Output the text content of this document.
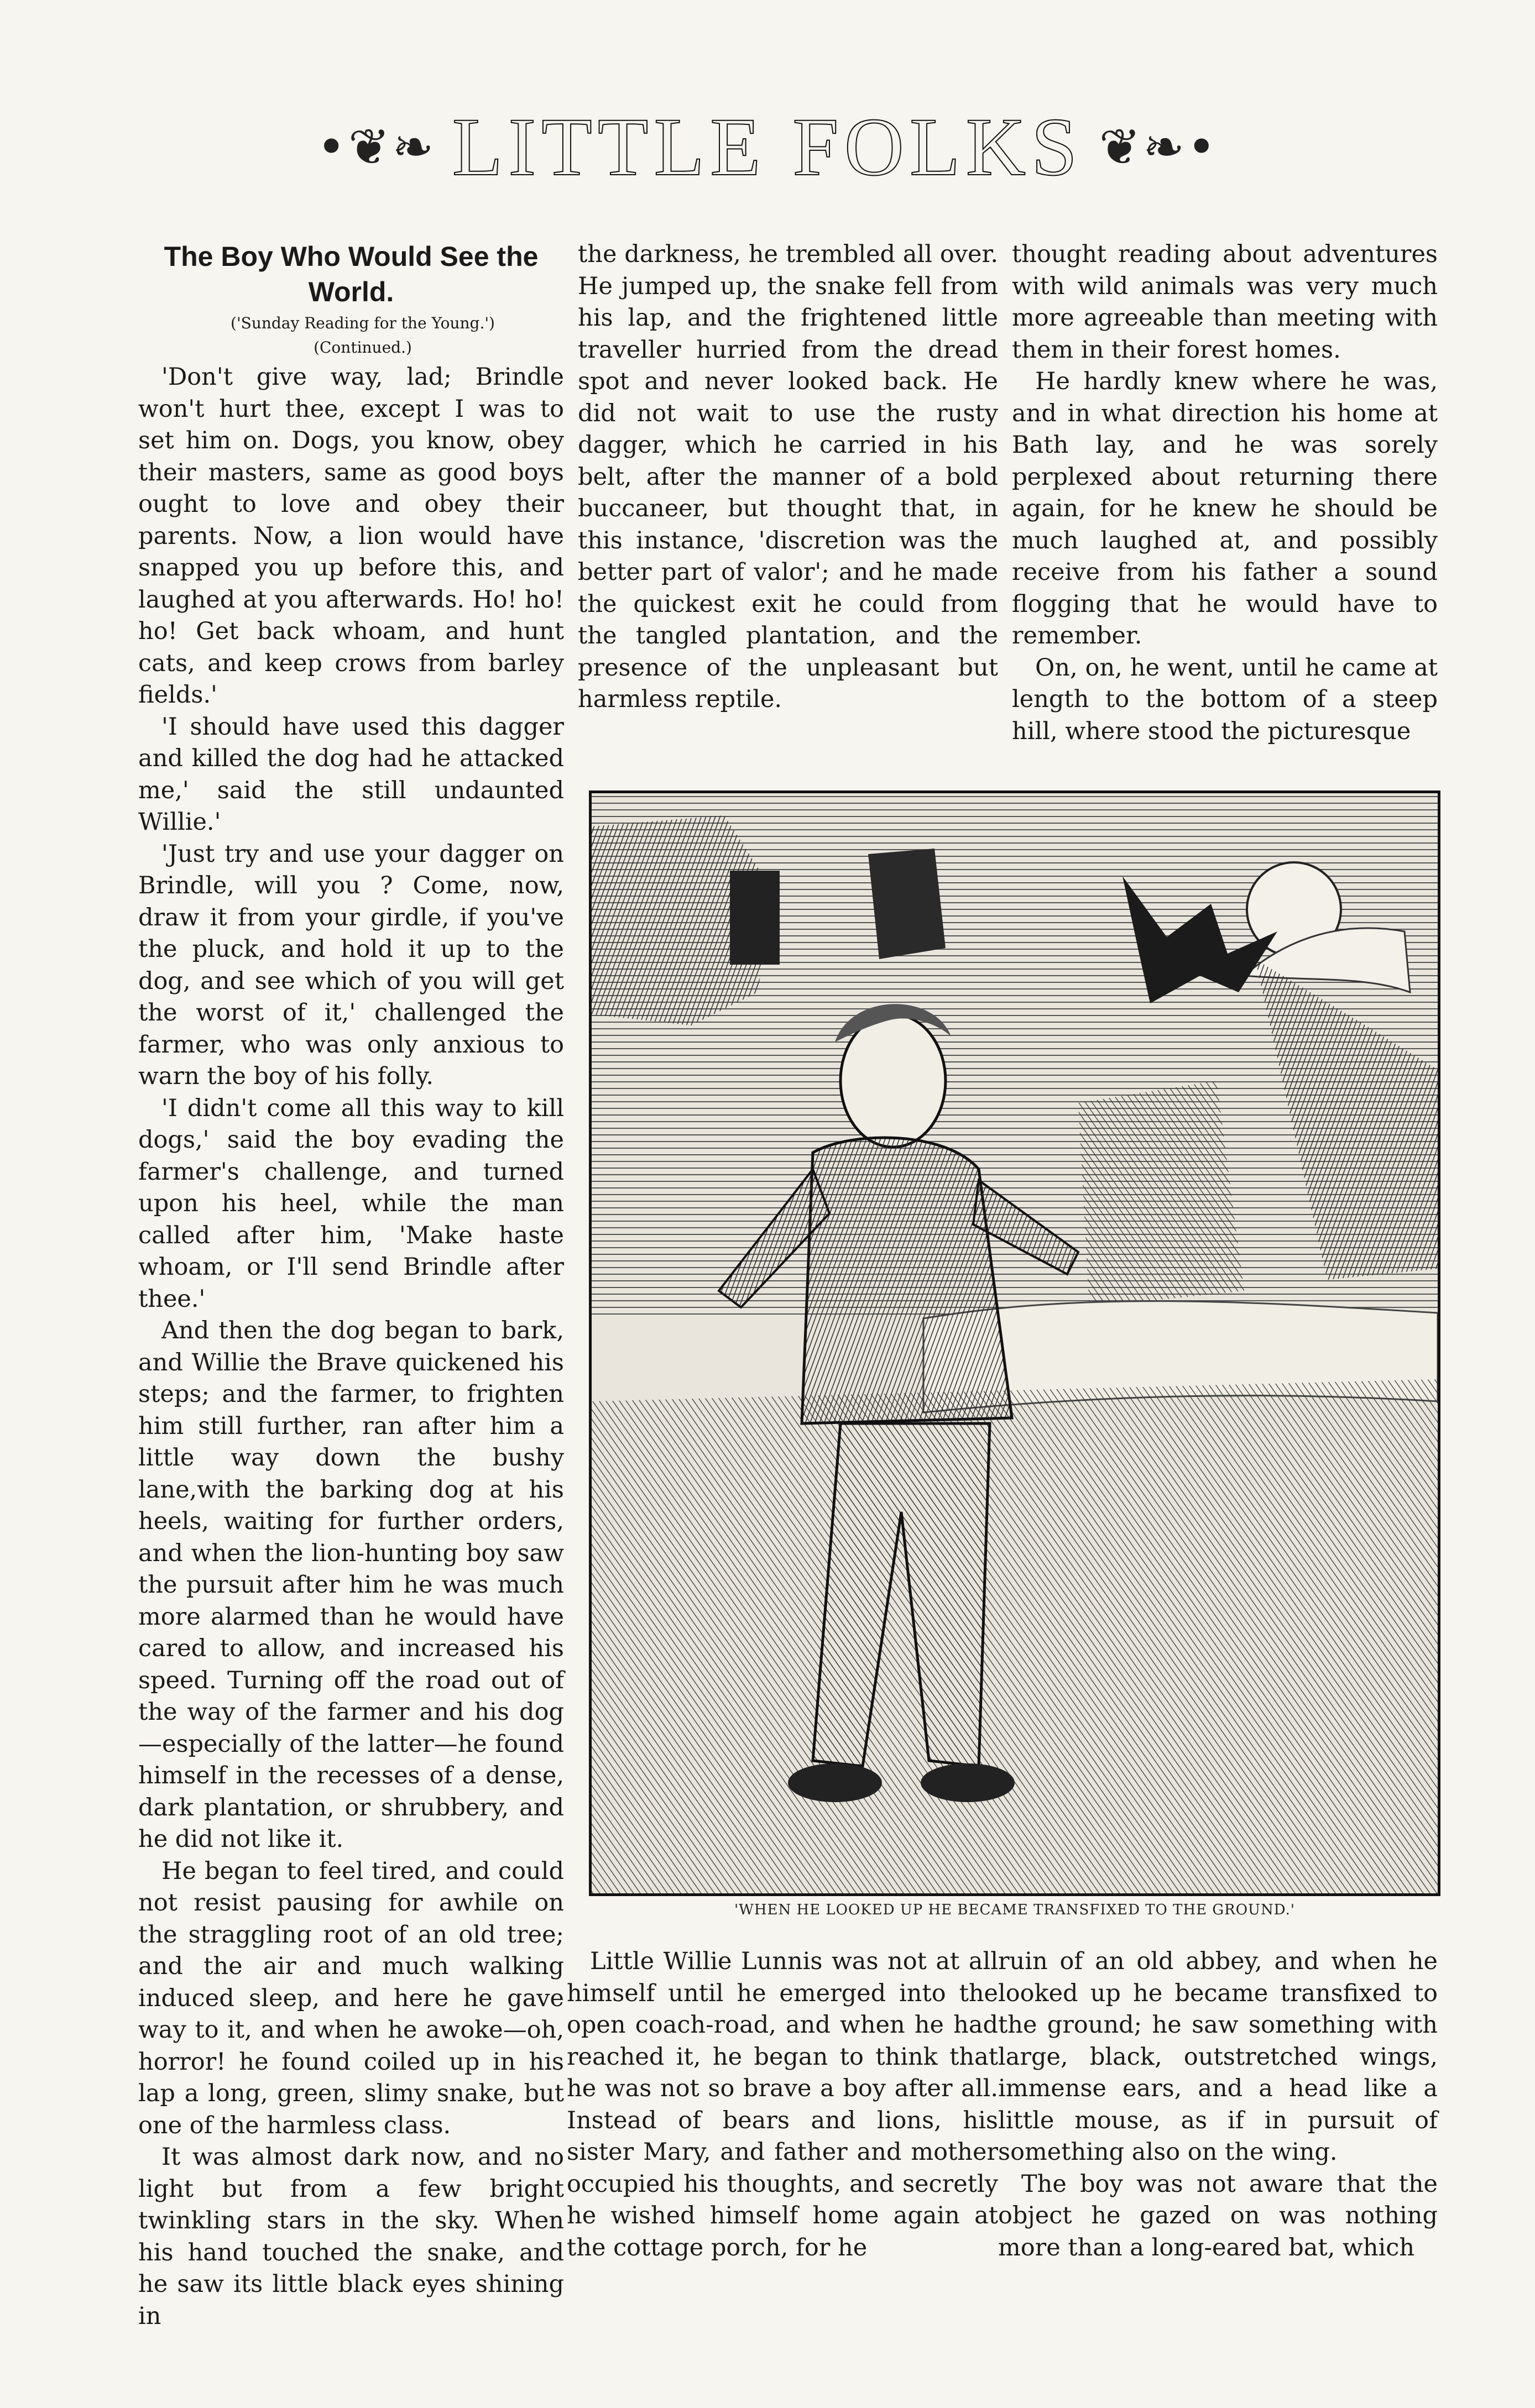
•❦❧ LITTLE FOLKS ❦❧•
The Boy Who Would See the World.

('Sunday Reading for the Young.')

(Continued.)

'Don't give way, lad; Brindle won't hurt thee, except I was to set him on. Dogs, you know, obey their masters, same as good boys ought to love and obey their parents. Now, a lion would have snapped you up before this, and laughed at you afterwards. Ho! ho! ho! Get back whoam, and hunt cats, and keep crows from barley fields.'

'I should have used this dagger and killed the dog had he attacked me,' said the still undaunted Willie.'

'Just try and use your dagger on Brindle, will you ? Come, now, draw it from your girdle, if you've the pluck, and hold it up to the dog, and see which of you will get the worst of it,' challenged the farmer, who was only anxious to warn the boy of his folly.

'I didn't come all this way to kill dogs,' said the boy evading the farmer's challenge, and turned upon his heel, while the man called after him, 'Make haste whoam, or I'll send Brindle after thee.'

And then the dog began to bark, and Willie the Brave quickened his steps; and the farmer, to frighten him still further, ran after him a little way down the bushy lane,with the barking dog at his heels, waiting for further orders, and when the lion-hunting boy saw the pursuit after him he was much more alarmed than he would have cared to allow, and increased his speed. Turning off the road out of the way of the farmer and his dog—especially of the latter—he found himself in the recesses of a dense, dark plantation, or shrubbery, and he did not like it.

He began to feel tired, and could not resist pausing for awhile on the straggling root of an old tree; and the air and much walking induced sleep, and here he gave way to it, and when he awoke—oh, horror! he found coiled up in his lap a long, green, slimy snake, but one of the harmless class.

It was almost dark now, and no light but from a few bright twinkling stars in the sky. When his hand touched the snake, and he saw its little black eyes shining in

the darkness, he trembled all over. He jumped up, the snake fell from his lap, and the frightened little traveller hurried from the dread spot and never looked back. He did not wait to use the rusty dagger, which he carried in his belt, after the manner of a bold buccaneer, but thought that, in this instance, 'discretion was the better part of valor'; and he made the quickest exit he could from the tangled plantation, and the presence of the unpleasant but harmless reptile.

thought reading about adventures with wild animals was very much more agreeable than meeting with them in their forest homes.

He hardly knew where he was, and in what direction his home at Bath lay, and he was sorely perplexed about returning there again, for he knew he should be much laughed at, and possibly receive from his father a sound flogging that he would have to remember.

On, on, he went, until he came at length to the bottom of a steep hill, where stood the picturesque

'WHEN HE LOOKED UP HE BECAME TRANSFIXED TO THE GROUND.'

Little Willie Lunnis was not at all himself until he emerged into the open coach-road, and when he had reached it, he began to think that he was not so brave a boy after all. Instead of bears and lions, his sister Mary, and father and mother occupied his thoughts, and secretly he wished himself home again at the cottage porch, for he

ruin of an old abbey, and when he looked up he became transfixed to the ground; he saw something with large, black, outstretched wings, immense ears, and a head like a little mouse, as if in pursuit of something also on the wing.

The boy was not aware that the object he gazed on was nothing more than a long-eared bat, which
